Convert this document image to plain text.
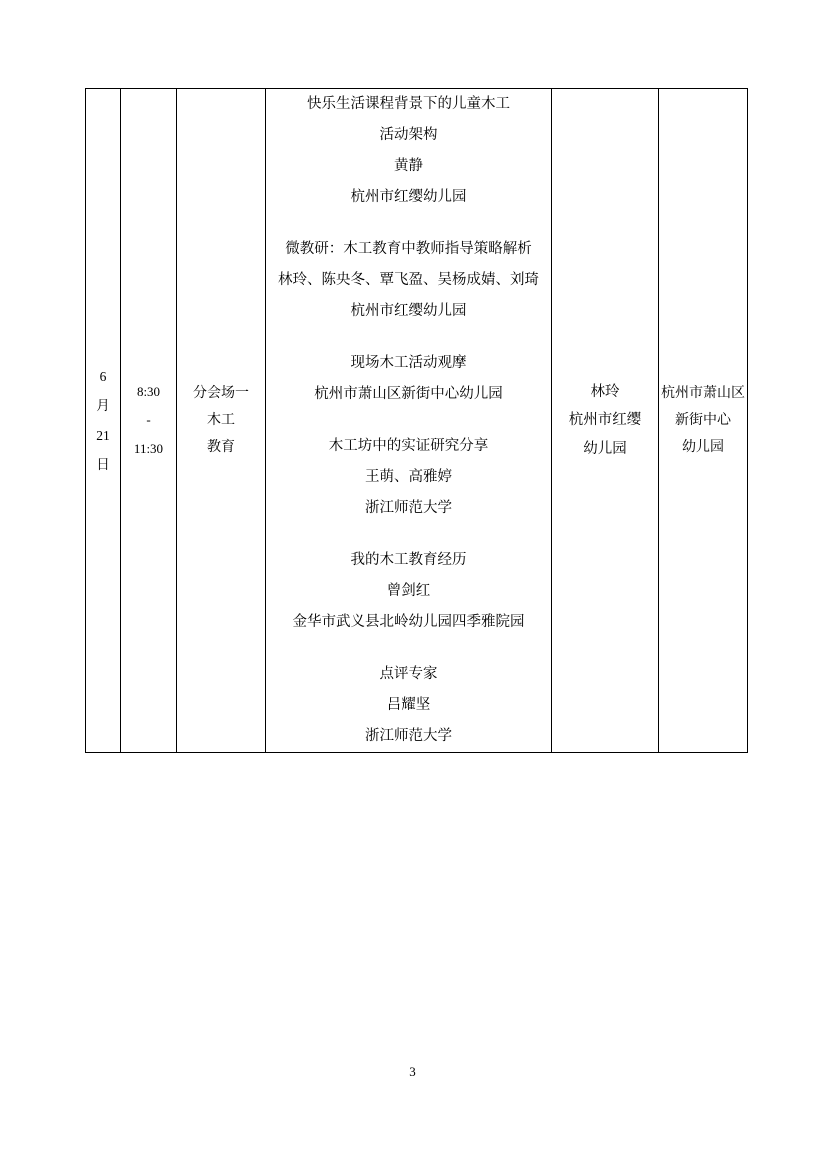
6
月
21
日

8:30
-
11:30

分会场一
木工
教育

快乐生活课程背景下的儿童木工
活动架构
黄静
杭州市红缨幼儿园
微教研：木工教育中教师指导策略解析
林玲、陈央冬、覃飞盈、吴杨成婧、刘琦
杭州市红缨幼儿园
现场木工活动观摩
杭州市萧山区新街中心幼儿园
木工坊中的实证研究分享
王萌、高雅婷
浙江师范大学
我的木工教育经历
曾剑红
金华市武义县北岭幼儿园四季雅院园
点评专家
吕耀坚
浙江师范大学

林玲
杭州市红缨
幼儿园

杭州市萧山区
新街中心
幼儿园
3
